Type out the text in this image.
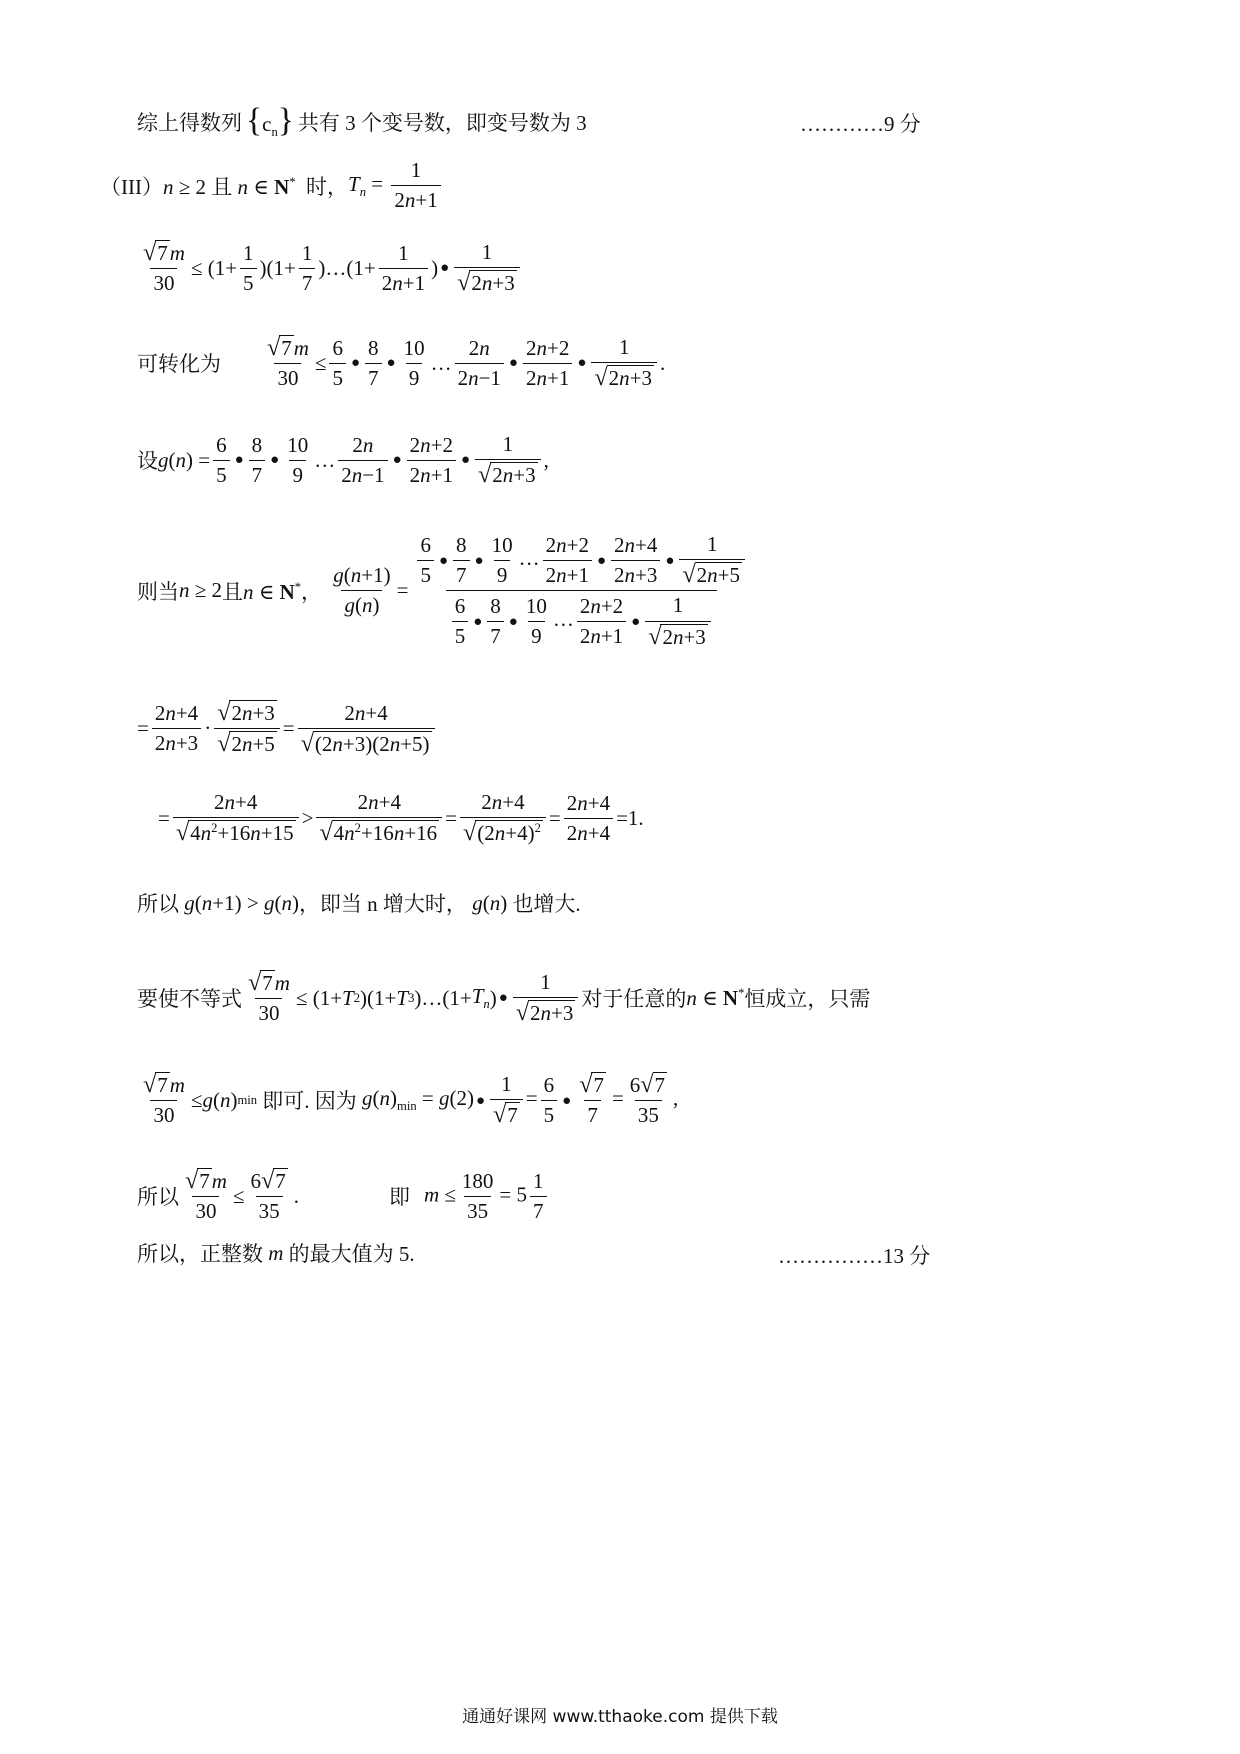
综上得数列 $\{c_n\}$ 共有 3 个变号数，即变号数为 3	…………9 分
（III） n ≥ 2 且 n ∈ N* 时， $T_n = \frac{1}{2n+1}$
$\frac{√ 7 m}{30} \le (1+ \frac{1}{5} )(1+ \frac{1}{7}$ )…(1+ $\frac{1}{2n+1}$ ) ● $\frac{1}{√ 2n+3}$
可转化为 $\frac{√ 7 m}{30} \le \frac{6}{5}$ ● $\frac{8}{7}$ ● $\frac{10}{9}$ … $\frac{2n}{2n-1}$ ● $\frac{2n+2}{2n+1}$ ● $\frac{1}{√ 2n+3}$ .
设 g ( n ) = $\frac{6}{5}$ ● $\frac{8}{7}$ ● $\frac{10}{9}$ … $\frac{2n}{2n-1}$ ● $\frac{2n+2}{2n+1}$ ● $\frac{1}{√ 2n+3}$ ,
则当 n ≥ 2 且 n ∈ N*， $\frac{g(n+1)}{g(n)} = \frac{\frac{6}{5} ● \frac{8}{7} ● \frac{10}{9} \dots \frac{2n+2}{2n+1} ● \frac{2n+4}{2n+3} ● \frac{1}{√ 2n+5}}{\frac{6}{5} ● \frac{8}{7} ● \frac{10}{9} \dots \frac{2n+2}{2n+1} ● \frac{1}{√ 2n+3}}$
= $\frac{2n+4}{2n+3} \cdot \frac{√ 2n+3}{√ 2n+5} = \frac{2n+4}{√ (2n+3)(2n+5)}$
= $\frac{2n+4}{√ 4n^2+16n+15} > \frac{2n+4}{√ 4n^2+16n+16} = \frac{2n+4}{√ (2n+4)^2} = \frac{2n+4}{2n+4} =1$.
所以 g(n+1) > g(n) ，即当 n 增大时， g(n) 也增大.
要使不等式 $\frac{√ 7 m}{30} \le (1+ T$ 2 )(1+ T 3 )…(1+ $T_n$ ) ● $\frac{1}{√ 2n+3}$ 对于任意的 n ∈ N* 恒成立，只需
$\frac{√ 7 m}{30} \le g$ ( n ) min
即可. 因为 $g(n)_{min} = g(2)$ ● $\frac{1}{√ 7} = \frac{6}{5}$ ● $\frac{√ 7}{7} = \frac{6 √ 7}{35}$ ,
所以 $\frac{√ 7 m}{30} \le \frac{6 √ 7}{35}$ .	即 $m \le \frac{180}{35} = 5 \frac{1}{7}$
所以，正整数 m 的最大值为 5.	……………13 分
通通好课网 www.tthaoke.com 提供下载
